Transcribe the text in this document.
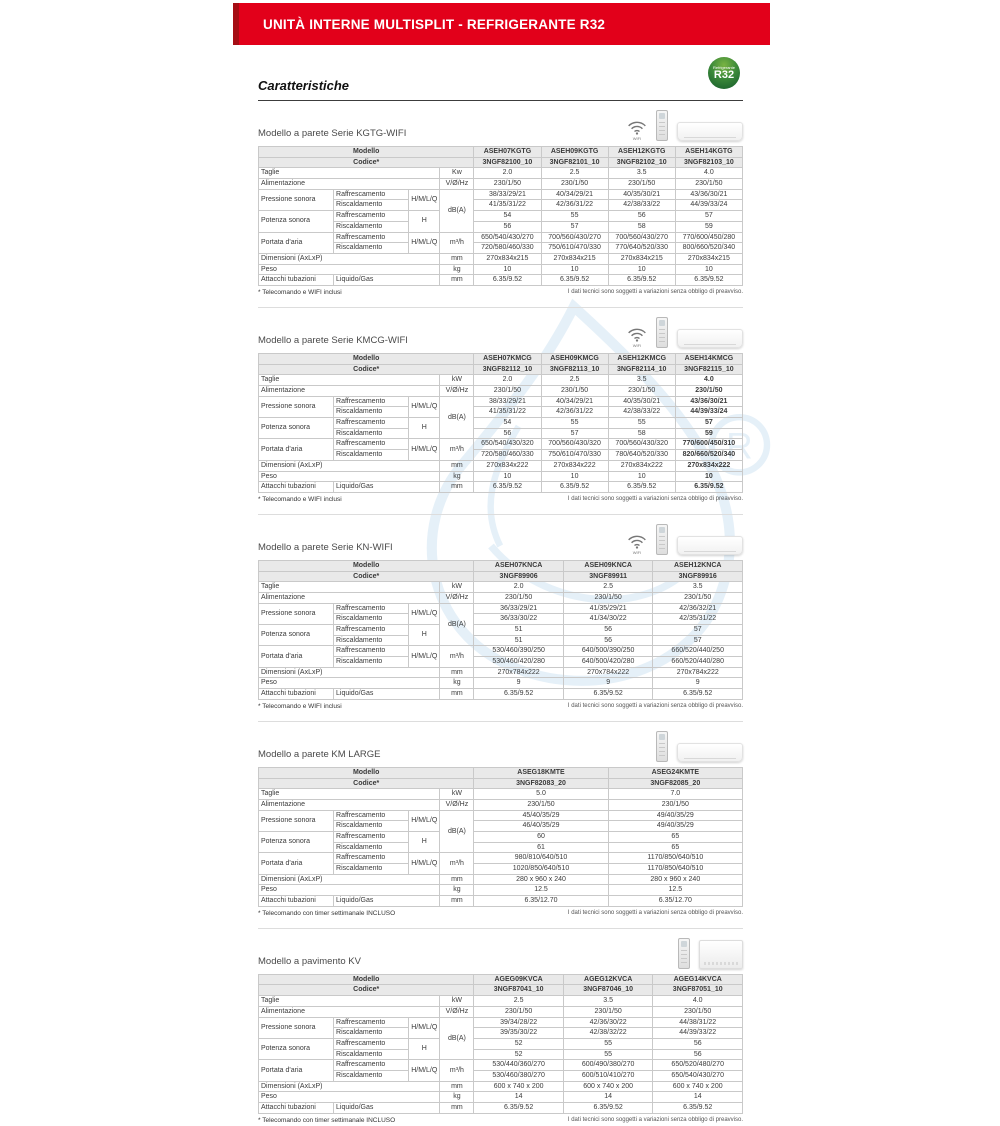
R
UNITÀ INTERNE MULTISPLIT - REFRIGERANTE R32
Refrigerante
R32
Caratteristiche
Modello a parete Serie KGTG-WIFI	WIFI
Modello				ASEH07KGTG	ASEH09KGTG	ASEH12KGTG	ASEH14KGTG
Codice*				3NGF82100_10	3NGF82101_10	3NGF82102_10	3NGF82103_10
Taglie			Kw	2.0	2.5	3.5	4.0
Alimentazione			V/Ø/Hz	230/1/50	230/1/50	230/1/50	230/1/50
Pressione sonora	Raffrescamento	H/M/L/Q	dB(A)	38/33/29/21	40/34/29/21	40/35/30/21	43/36/30/21
	Riscaldamento			41/35/31/22	42/36/31/22	42/38/33/22	44/39/33/24
Potenza sonora	Raffrescamento	H		54	55	56	57
	Riscaldamento			56	57	58	59
Portata d'aria	Raffrescamento	H/M/L/Q	m³/h	650/540/430/270	700/560/430/270	700/560/430/270	770/600/450/280
	Riscaldamento			720/580/460/330	750/610/470/330	770/640/520/330	800/660/520/340
Dimensioni (AxLxP)			mm	270x834x215	270x834x215	270x834x215	270x834x215
Peso			kg	10	10	10	10
Attacchi tubazioni	Liquido/Gas		mm	6.35/9.52	6.35/9.52	6.35/9.52	6.35/9.52
* Telecomando e WIFI inclusi	I dati tecnici sono soggetti a variazioni senza obbligo di preavviso.
Modello a parete Serie KMCG-WIFI	WIFI
Modello				ASEH07KMCG	ASEH09KMCG	ASEH12KMCG	ASEH14KMCG
Codice*				3NGF82112_10	3NGF82113_10	3NGF82114_10	3NGF82115_10
Taglie			kW	2.0	2.5	3.5	4.0
Alimentazione			V/Ø/Hz	230/1/50	230/1/50	230/1/50	230/1/50
Pressione sonora	Raffrescamento	H/M/L/Q	dB(A)	38/33/29/21	40/34/29/21	40/35/30/21	43/36/30/21
	Riscaldamento			41/35/31/22	42/36/31/22	42/38/33/22	44/39/33/24
Potenza sonora	Raffrescamento	H		54	55	55	57
	Riscaldamento			56	57	58	59
Portata d'aria	Raffrescamento	H/M/L/Q	m³/h	650/540/430/320	700/560/430/320	700/560/430/320	770/600/450/310
	Riscaldamento			720/580/460/330	750/610/470/330	780/640/520/330	820/660/520/340
Dimensioni (AxLxP)			mm	270x834x222	270x834x222	270x834x222	270x834x222
Peso			kg	10	10	10	10
Attacchi tubazioni	Liquido/Gas		mm	6.35/9.52	6.35/9.52	6.35/9.52	6.35/9.52
* Telecomando e WIFI inclusi	I dati tecnici sono soggetti a variazioni senza obbligo di preavviso.
Modello a parete Serie KN-WIFI	WIFI
Modello				ASEH07KNCA	ASEH09KNCA	ASEH12KNCA
Codice*				3NGF89906	3NGF89911	3NGF89916
Taglie			kW	2.0	2.5	3.5
Alimentazione			V/Ø/Hz	230/1/50	230/1/50	230/1/50
Pressione sonora	Raffrescamento	H/M/L/Q	dB(A)	36/33/29/21	41/35/29/21	42/36/32/21
	Riscaldamento			36/33/30/22	41/34/30/22	42/35/31/22
Potenza sonora	Raffrescamento	H		51	56	57
	Riscaldamento			51	56	57
Portata d'aria	Raffrescamento	H/M/L/Q	m³/h	530/460/390/250	640/500/390/250	660/520/440/250
	Riscaldamento			530/460/420/280	640/500/420/280	660/520/440/280
Dimensioni (AxLxP)			mm	270x784x222	270x784x222	270x784x222
Peso			kg	9	9	9
Attacchi tubazioni	Liquido/Gas		mm	6.35/9.52	6.35/9.52	6.35/9.52
* Telecomando e WIFI inclusi	I dati tecnici sono soggetti a variazioni senza obbligo di preavviso.
Modello a parete KM LARGE
Modello				ASEG18KMTE	ASEG24KMTE
Codice*				3NGF82083_20	3NGF82085_20
Taglie			kW	5.0	7.0
Alimentazione			V/Ø/Hz	230/1/50	230/1/50
Pressione sonora	Raffrescamento	H/M/L/Q	dB(A)	45/40/35/29	49/40/35/29
	Riscaldamento			46/40/35/29	49/40/35/29
Potenza sonora	Raffrescamento	H		60	65
	Riscaldamento			61	65
Portata d'aria	Raffrescamento	H/M/L/Q	m³/h	980/810/640/510	1170/850/640/510
	Riscaldamento			1020/850/640/510	1170/850/640/510
Dimensioni (AxLxP)			mm	280 x 960 x 240	280 x 960 x 240
Peso			kg	12.5	12.5
Attacchi tubazioni	Liquido/Gas		mm	6.35/12.70	6.35/12.70
* Telecomando con timer settimanale INCLUSO	I dati tecnici sono soggetti a variazioni senza obbligo di preavviso.
Modello a pavimento KV
Modello				AGEG09KVCA	AGEG12KVCA	AGEG14KVCA
Codice*				3NGF87041_10	3NGF87046_10	3NGF87051_10
Taglie			kW	2.5	3.5	4.0
Alimentazione			V/Ø/Hz	230/1/50	230/1/50	230/1/50
Pressione sonora	Raffrescamento	H/M/L/Q	dB(A)	39/34/28/22	42/36/30/22	44/38/31/22
	Riscaldamento			39/35/30/22	42/38/32/22	44/39/33/22
Potenza sonora	Raffrescamento	H		52	55	56
	Riscaldamento			52	55	56
Portata d'aria	Raffrescamento	H/M/L/Q	m³/h	530/440/360/270	600/490/380/270	650/520/480/270
	Riscaldamento			530/460/380/270	600/510/410/270	650/540/430/270
Dimensioni (AxLxP)			mm	600 x 740 x 200	600 x 740 x 200	600 x 740 x 200
Peso			kg	14	14	14
Attacchi tubazioni	Liquido/Gas		mm	6.35/9.52	6.35/9.52	6.35/9.52
* Telecomando con timer settimanale INCLUSO	I dati tecnici sono soggetti a variazioni senza obbligo di preavviso.
